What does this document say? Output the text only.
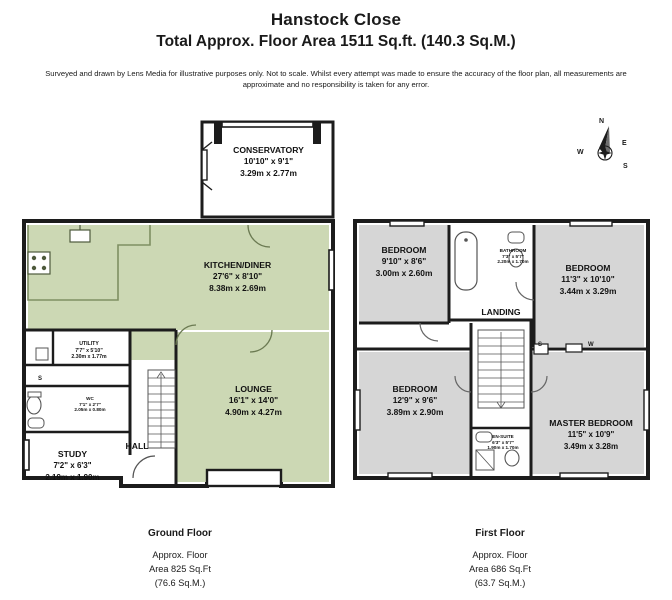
Hanstock Close
Total Approx. Floor Area 1511 Sq.ft. (140.3 Sq.M.)
Surveyed and drawn by Lens Media for illustrative purposes only. Not to scale. Whilst every attempt was made to ensure the accuracy of the floor plan, all measurements are approximate and no responsibility is taken for any error.
N
E
S
W
CONSERVATORY
10'10" x 9'1"
3.29m x 2.77m
KITCHEN/DINER
27'6" x 8'10"
8.38m x 2.69m
LOUNGE
16'1" x 14'0"
4.90m x 4.27m
UTILITY
7'7" x 5'10"
2.30m x 1.77m
STUDY
7'2" x 6'3"
2.19m x 1.90m
WC
7'1" x 2'7"
2.05m x 0.80m
HALL
S
BEDROOM
9'10" x 8'6"
3.00m x 2.60m
BATHROOM
7'3" x 5'7"
2.20m x 1.70m
BEDROOM
11'3" x 10'10"
3.44m x 3.29m
LANDING
BEDROOM
12'9" x 9'6"
3.89m x 2.90m
MASTER BEDROOM
11'5" x 10'9"
3.49m x 3.28m
EN-SUITE
6'3" x 5'7"
1.90m x 1.70m
S	W
Ground Floor
Approx. Floor
Area 825 Sq.Ft
(76.6 Sq.M.)
First Floor
Approx. Floor
Area 686 Sq.Ft
(63.7 Sq.M.)
